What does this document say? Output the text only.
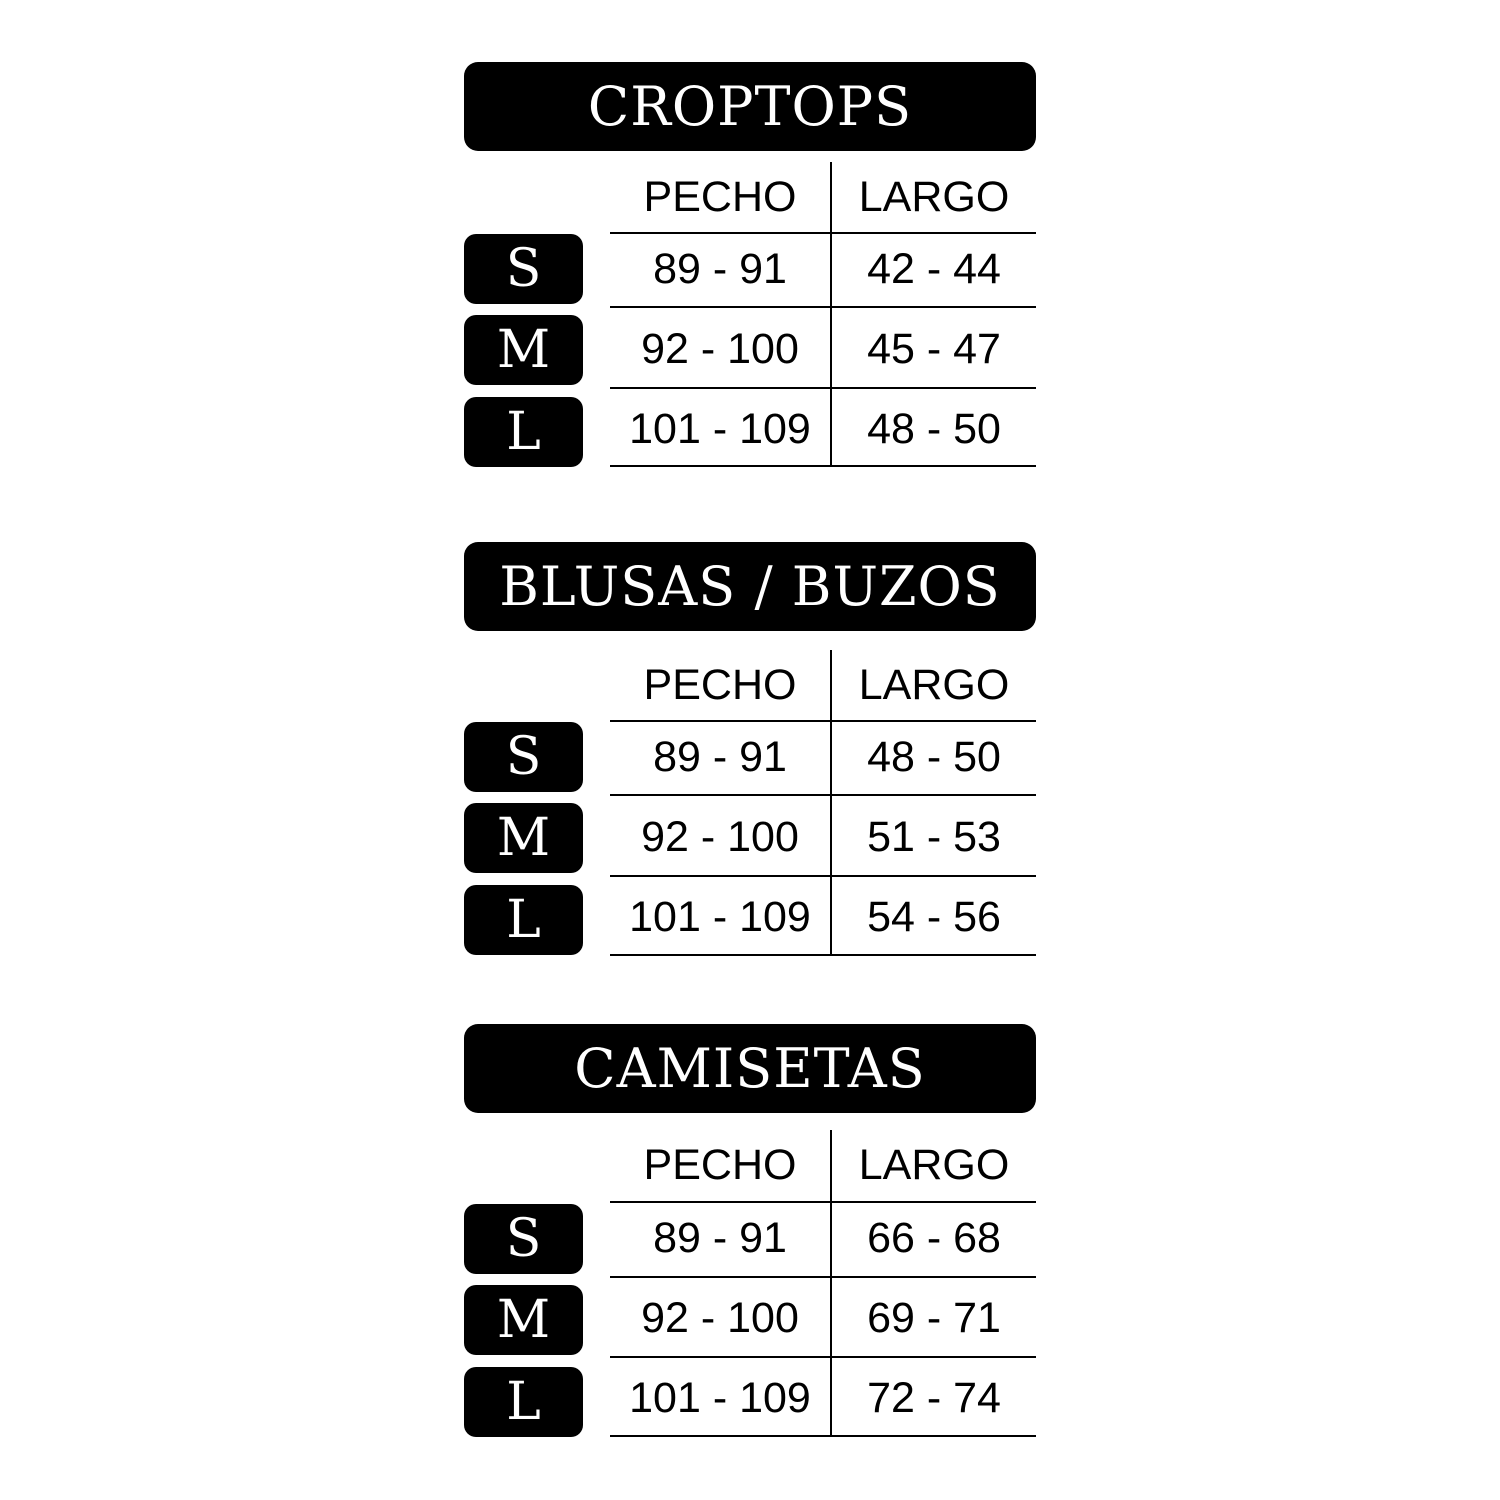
CROPTOPS
PECHO	LARGO
S	89 - 91	42 - 44
M	92 - 100	45 - 47
L	101 - 109	48 - 50
BLUSAS / BUZOS
PECHO	LARGO
S	89 - 91	48 - 50
M	92 - 100	51 - 53
L	101 - 109	54 - 56
CAMISETAS
PECHO	LARGO
S	89 - 91	66 - 68
M	92 - 100	69 - 71
L	101 - 109	72 - 74
